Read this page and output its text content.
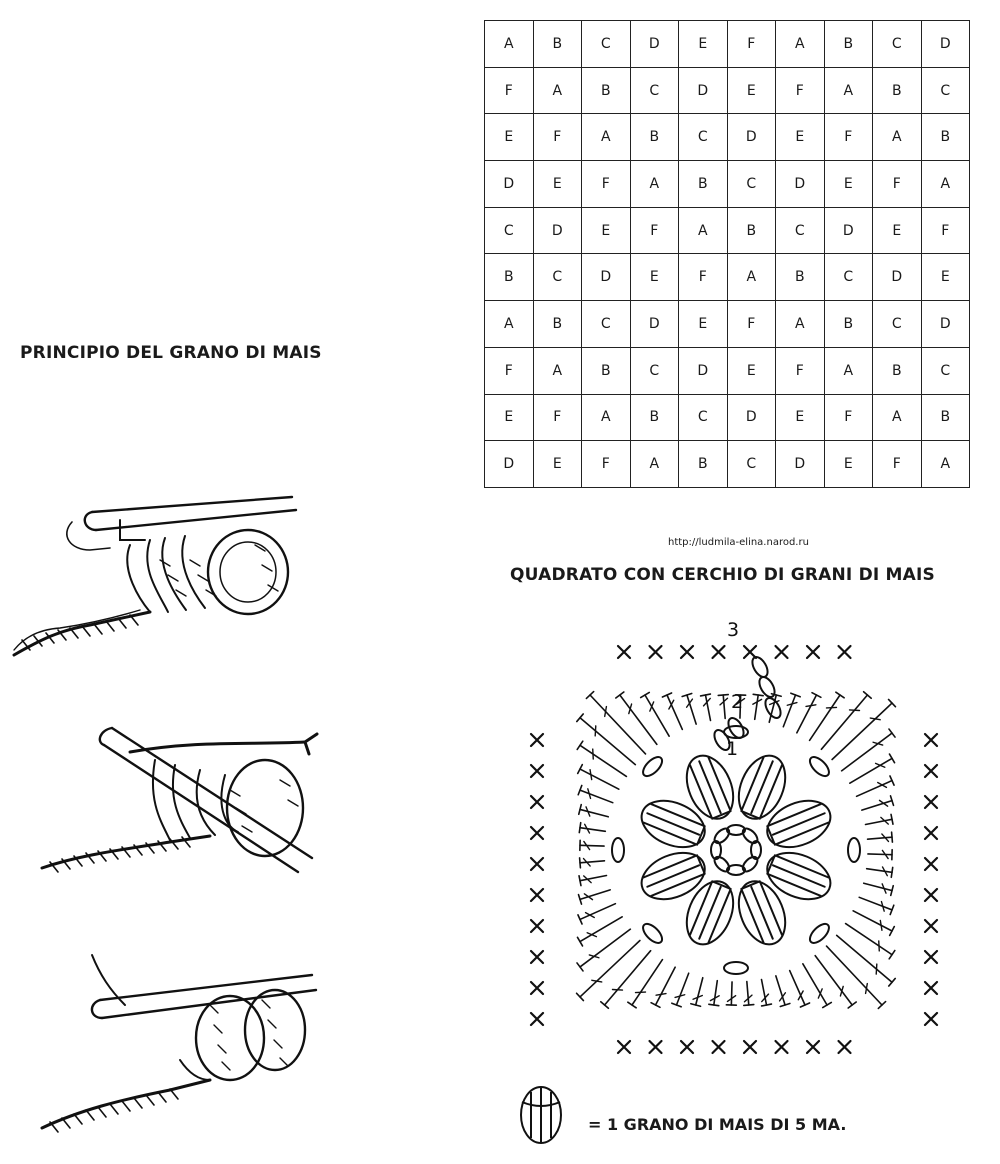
PRINCIPIO DEL GRANO DI MAIS
QUADRATO CON CERCHIO DI GRANI DI MAIS
http://ludmila-elina.narod.ru
A	B	C	D	E	F	A	B	C	D
F	A	B	C	D	E	F	A	B	C
E	F	A	B	C	D	E	F	A	B
D	E	F	A	B	C	D	E	F	A
C	D	E	F	A	B	C	D	E	F
B	C	D	E	F	A	B	C	D	E
A	B	C	D	E	F	A	B	C	D
F	A	B	C	D	E	F	A	B	C
E	F	A	B	C	D	E	F	A	B
D	E	F	A	B	C	D	E	F	A
3
2
1
= 1 GRANO DI MAIS DI 5 MA.
